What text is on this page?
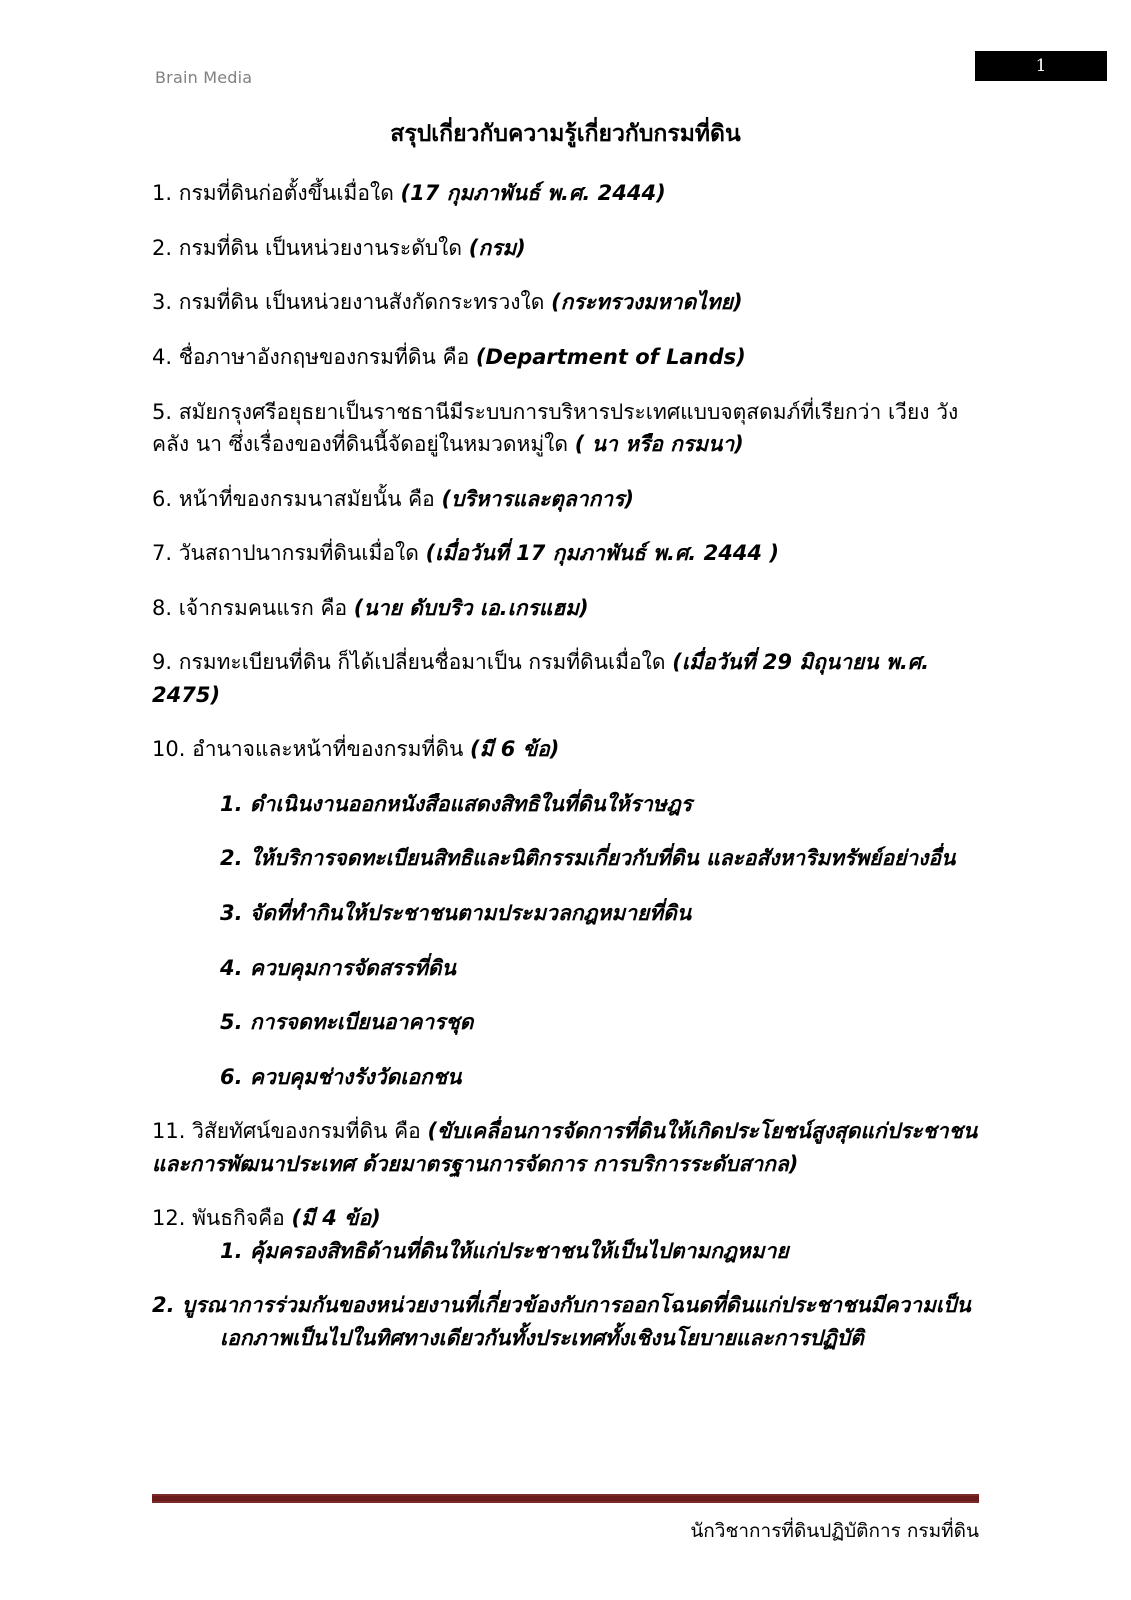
Brain Media
1
สรุปเกี่ยวกับความรู้เกี่ยวกับกรมที่ดิน

1. กรมที่ดินก่อตั้งขึ้นเมื่อใด (17 กุมภาพันธ์ พ.ศ. 2444)

2. กรมที่ดิน เป็นหน่วยงานระดับใด (กรม)

3. กรมที่ดิน เป็นหน่วยงานสังกัดกระทรวงใด (กระทรวงมหาดไทย)

4. ชื่อภาษาอังกฤษของกรมที่ดิน คือ (Department of Lands)

5. สมัยกรุงศรีอยุธยาเป็นราชธานีมีระบบการบริหารประเทศแบบจตุสดมภ์ที่เรียกว่า เวียง วัง คลัง นา ซึ่งเรื่องของที่ดินนี้จัดอยู่ในหมวดหมู่ใด ( นา หรือ กรมนา)

6. หน้าที่ของกรมนาสมัยนั้น คือ (บริหารและตุลาการ)

7. วันสถาปนากรมที่ดินเมื่อใด (เมื่อวันที่ 17 กุมภาพันธ์ พ.ศ. 2444 )

8. เจ้ากรมคนแรก คือ (นาย ดับบริว เอ.เกรแฮม)

9. กรมทะเบียนที่ดิน ก็ได้เปลี่ยนชื่อมาเป็น กรมที่ดินเมื่อใด (เมื่อวันที่ 29 มิถุนายน พ.ศ. 2475)

10. อำนาจและหน้าที่ของกรมที่ดิน (มี 6 ข้อ)

1. ดำเนินงานออกหนังสือแสดงสิทธิในที่ดินให้ราษฎร
2. ให้บริการจดทะเบียนสิทธิและนิติกรรมเกี่ยวกับที่ดิน และอสังหาริมทรัพย์อย่างอื่น
3. จัดที่ทำกินให้ประชาชนตามประมวลกฎหมายที่ดิน
4. ควบคุมการจัดสรรที่ดิน
5. การจดทะเบียนอาคารชุด
6. ควบคุมช่างรังวัดเอกชน

11. วิสัยทัศน์ของกรมที่ดิน คือ (ขับเคลื่อนการจัดการที่ดินให้เกิดประโยชน์สูงสุดแก่ประชาชนและการพัฒนาประเทศ ด้วยมาตรฐานการจัดการ การบริการระดับสากล)

12. พันธกิจคือ (มี 4 ข้อ)

1. คุ้มครองสิทธิด้านที่ดินให้แก่ประชาชนให้เป็นไปตามกฎหมาย
2. บูรณาการร่วมกันของหน่วยงานที่เกี่ยวข้องกับการออกโฉนดที่ดินแก่ประชาชนมีความเป็นเอกภาพเป็นไปในทิศทางเดียวกันทั้งประเทศทั้งเชิงนโยบายและการปฏิบัติ
นักวิชาการที่ดินปฏิบัติการ กรมที่ดิน
